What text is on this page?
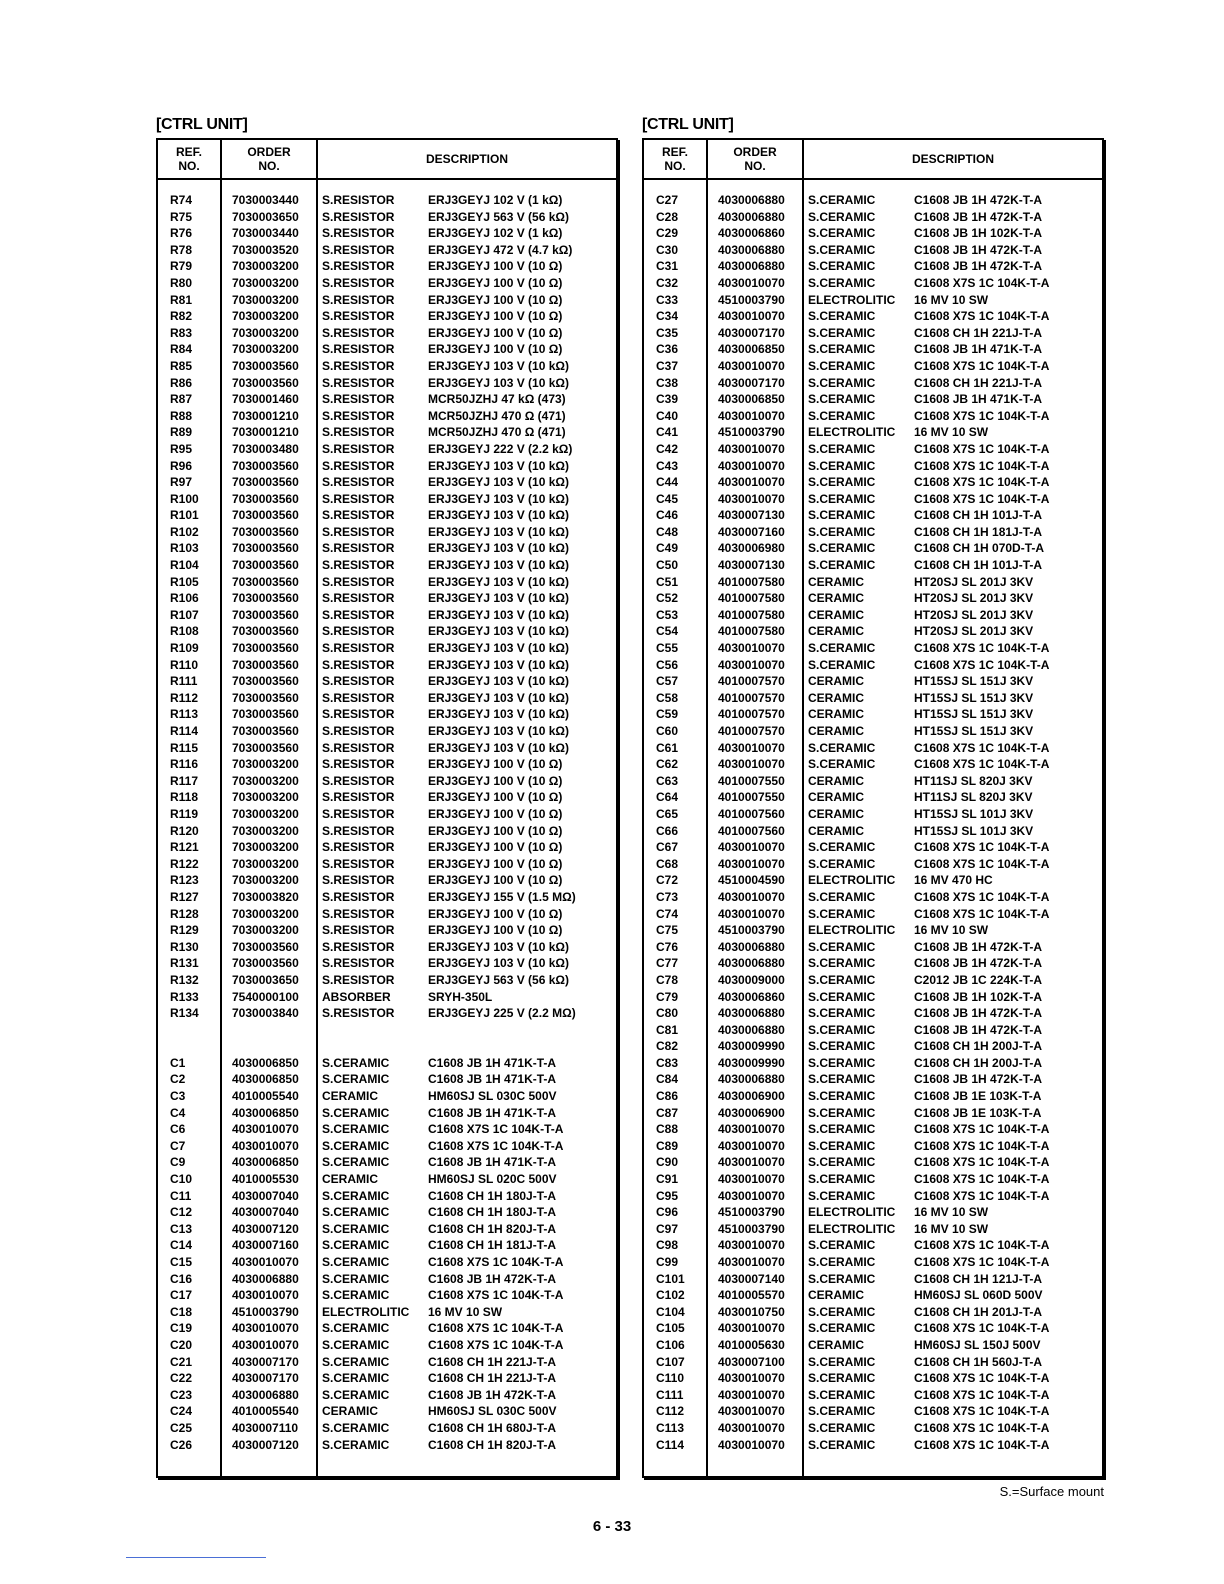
[CTRL UNIT]
REF.
NO.
ORDER
NO.	DESCRIPTION
R74	7030003440	S.RESISTOR	ERJ3GEYJ 102 V (1 kΩ)
R75	7030003650	S.RESISTOR	ERJ3GEYJ 563 V (56 kΩ)
R76	7030003440	S.RESISTOR	ERJ3GEYJ 102 V (1 kΩ)
R78	7030003520	S.RESISTOR	ERJ3GEYJ 472 V (4.7 kΩ)
R79	7030003200	S.RESISTOR	ERJ3GEYJ 100 V (10 Ω)
R80	7030003200	S.RESISTOR	ERJ3GEYJ 100 V (10 Ω)
R81	7030003200	S.RESISTOR	ERJ3GEYJ 100 V (10 Ω)
R82	7030003200	S.RESISTOR	ERJ3GEYJ 100 V (10 Ω)
R83	7030003200	S.RESISTOR	ERJ3GEYJ 100 V (10 Ω)
R84	7030003200	S.RESISTOR	ERJ3GEYJ 100 V (10 Ω)
R85	7030003560	S.RESISTOR	ERJ3GEYJ 103 V (10 kΩ)
R86	7030003560	S.RESISTOR	ERJ3GEYJ 103 V (10 kΩ)
R87	7030001460	S.RESISTOR	MCR50JZHJ 47 kΩ (473)
R88	7030001210	S.RESISTOR	MCR50JZHJ 470 Ω (471)
R89	7030001210	S.RESISTOR	MCR50JZHJ 470 Ω (471)
R95	7030003480	S.RESISTOR	ERJ3GEYJ 222 V (2.2 kΩ)
R96	7030003560	S.RESISTOR	ERJ3GEYJ 103 V (10 kΩ)
R97	7030003560	S.RESISTOR	ERJ3GEYJ 103 V (10 kΩ)
R100	7030003560	S.RESISTOR	ERJ3GEYJ 103 V (10 kΩ)
R101	7030003560	S.RESISTOR	ERJ3GEYJ 103 V (10 kΩ)
R102	7030003560	S.RESISTOR	ERJ3GEYJ 103 V (10 kΩ)
R103	7030003560	S.RESISTOR	ERJ3GEYJ 103 V (10 kΩ)
R104	7030003560	S.RESISTOR	ERJ3GEYJ 103 V (10 kΩ)
R105	7030003560	S.RESISTOR	ERJ3GEYJ 103 V (10 kΩ)
R106	7030003560	S.RESISTOR	ERJ3GEYJ 103 V (10 kΩ)
R107	7030003560	S.RESISTOR	ERJ3GEYJ 103 V (10 kΩ)
R108	7030003560	S.RESISTOR	ERJ3GEYJ 103 V (10 kΩ)
R109	7030003560	S.RESISTOR	ERJ3GEYJ 103 V (10 kΩ)
R110	7030003560	S.RESISTOR	ERJ3GEYJ 103 V (10 kΩ)
R111	7030003560	S.RESISTOR	ERJ3GEYJ 103 V (10 kΩ)
R112	7030003560	S.RESISTOR	ERJ3GEYJ 103 V (10 kΩ)
R113	7030003560	S.RESISTOR	ERJ3GEYJ 103 V (10 kΩ)
R114	7030003560	S.RESISTOR	ERJ3GEYJ 103 V (10 kΩ)
R115	7030003560	S.RESISTOR	ERJ3GEYJ 103 V (10 kΩ)
R116	7030003200	S.RESISTOR	ERJ3GEYJ 100 V (10 Ω)
R117	7030003200	S.RESISTOR	ERJ3GEYJ 100 V (10 Ω)
R118	7030003200	S.RESISTOR	ERJ3GEYJ 100 V (10 Ω)
R119	7030003200	S.RESISTOR	ERJ3GEYJ 100 V (10 Ω)
R120	7030003200	S.RESISTOR	ERJ3GEYJ 100 V (10 Ω)
R121	7030003200	S.RESISTOR	ERJ3GEYJ 100 V (10 Ω)
R122	7030003200	S.RESISTOR	ERJ3GEYJ 100 V (10 Ω)
R123	7030003200	S.RESISTOR	ERJ3GEYJ 100 V (10 Ω)
R127	7030003820	S.RESISTOR	ERJ3GEYJ 155 V (1.5 MΩ)
R128	7030003200	S.RESISTOR	ERJ3GEYJ 100 V (10 Ω)
R129	7030003200	S.RESISTOR	ERJ3GEYJ 100 V (10 Ω)
R130	7030003560	S.RESISTOR	ERJ3GEYJ 103 V (10 kΩ)
R131	7030003560	S.RESISTOR	ERJ3GEYJ 103 V (10 kΩ)
R132	7030003650	S.RESISTOR	ERJ3GEYJ 563 V (56 kΩ)
R133	7540000100	ABSORBER	SRYH-350L
R134	7030003840	S.RESISTOR	ERJ3GEYJ 225 V (2.2 MΩ)
C1	4030006850	S.CERAMIC	C1608 JB 1H 471K-T-A
C2	4030006850	S.CERAMIC	C1608 JB 1H 471K-T-A
C3	4010005540	CERAMIC	HM60SJ SL 030C 500V
C4	4030006850	S.CERAMIC	C1608 JB 1H 471K-T-A
C6	4030010070	S.CERAMIC	C1608 X7S 1C 104K-T-A
C7	4030010070	S.CERAMIC	C1608 X7S 1C 104K-T-A
C9	4030006850	S.CERAMIC	C1608 JB 1H 471K-T-A
C10	4010005530	CERAMIC	HM60SJ SL 020C 500V
C11	4030007040	S.CERAMIC	C1608 CH 1H 180J-T-A
C12	4030007040	S.CERAMIC	C1608 CH 1H 180J-T-A
C13	4030007120	S.CERAMIC	C1608 CH 1H 820J-T-A
C14	4030007160	S.CERAMIC	C1608 CH 1H 181J-T-A
C15	4030010070	S.CERAMIC	C1608 X7S 1C 104K-T-A
C16	4030006880	S.CERAMIC	C1608 JB 1H 472K-T-A
C17	4030010070	S.CERAMIC	C1608 X7S 1C 104K-T-A
C18	4510003790	ELECTROLITIC	16 MV 10 SW
C19	4030010070	S.CERAMIC	C1608 X7S 1C 104K-T-A
C20	4030010070	S.CERAMIC	C1608 X7S 1C 104K-T-A
C21	4030007170	S.CERAMIC	C1608 CH 1H 221J-T-A
C22	4030007170	S.CERAMIC	C1608 CH 1H 221J-T-A
C23	4030006880	S.CERAMIC	C1608 JB 1H 472K-T-A
C24	4010005540	CERAMIC	HM60SJ SL 030C 500V
C25	4030007110	S.CERAMIC	C1608 CH 1H 680J-T-A
C26	4030007120	S.CERAMIC	C1608 CH 1H 820J-T-A
[CTRL UNIT]
REF.
NO.
ORDER
NO.	DESCRIPTION
C27	4030006880	S.CERAMIC	C1608 JB 1H 472K-T-A
C28	4030006880	S.CERAMIC	C1608 JB 1H 472K-T-A
C29	4030006860	S.CERAMIC	C1608 JB 1H 102K-T-A
C30	4030006880	S.CERAMIC	C1608 JB 1H 472K-T-A
C31	4030006880	S.CERAMIC	C1608 JB 1H 472K-T-A
C32	4030010070	S.CERAMIC	C1608 X7S 1C 104K-T-A
C33	4510003790	ELECTROLITIC	16 MV 10 SW
C34	4030010070	S.CERAMIC	C1608 X7S 1C 104K-T-A
C35	4030007170	S.CERAMIC	C1608 CH 1H 221J-T-A
C36	4030006850	S.CERAMIC	C1608 JB 1H 471K-T-A
C37	4030010070	S.CERAMIC	C1608 X7S 1C 104K-T-A
C38	4030007170	S.CERAMIC	C1608 CH 1H 221J-T-A
C39	4030006850	S.CERAMIC	C1608 JB 1H 471K-T-A
C40	4030010070	S.CERAMIC	C1608 X7S 1C 104K-T-A
C41	4510003790	ELECTROLITIC	16 MV 10 SW
C42	4030010070	S.CERAMIC	C1608 X7S 1C 104K-T-A
C43	4030010070	S.CERAMIC	C1608 X7S 1C 104K-T-A
C44	4030010070	S.CERAMIC	C1608 X7S 1C 104K-T-A
C45	4030010070	S.CERAMIC	C1608 X7S 1C 104K-T-A
C46	4030007130	S.CERAMIC	C1608 CH 1H 101J-T-A
C48	4030007160	S.CERAMIC	C1608 CH 1H 181J-T-A
C49	4030006980	S.CERAMIC	C1608 CH 1H 070D-T-A
C50	4030007130	S.CERAMIC	C1608 CH 1H 101J-T-A
C51	4010007580	CERAMIC	HT20SJ SL 201J 3KV
C52	4010007580	CERAMIC	HT20SJ SL 201J 3KV
C53	4010007580	CERAMIC	HT20SJ SL 201J 3KV
C54	4010007580	CERAMIC	HT20SJ SL 201J 3KV
C55	4030010070	S.CERAMIC	C1608 X7S 1C 104K-T-A
C56	4030010070	S.CERAMIC	C1608 X7S 1C 104K-T-A
C57	4010007570	CERAMIC	HT15SJ SL 151J 3KV
C58	4010007570	CERAMIC	HT15SJ SL 151J 3KV
C59	4010007570	CERAMIC	HT15SJ SL 151J 3KV
C60	4010007570	CERAMIC	HT15SJ SL 151J 3KV
C61	4030010070	S.CERAMIC	C1608 X7S 1C 104K-T-A
C62	4030010070	S.CERAMIC	C1608 X7S 1C 104K-T-A
C63	4010007550	CERAMIC	HT11SJ SL 820J 3KV
C64	4010007550	CERAMIC	HT11SJ SL 820J 3KV
C65	4010007560	CERAMIC	HT15SJ SL 101J 3KV
C66	4010007560	CERAMIC	HT15SJ SL 101J 3KV
C67	4030010070	S.CERAMIC	C1608 X7S 1C 104K-T-A
C68	4030010070	S.CERAMIC	C1608 X7S 1C 104K-T-A
C72	4510004590	ELECTROLITIC	16 MV 470 HC
C73	4030010070	S.CERAMIC	C1608 X7S 1C 104K-T-A
C74	4030010070	S.CERAMIC	C1608 X7S 1C 104K-T-A
C75	4510003790	ELECTROLITIC	16 MV 10 SW
C76	4030006880	S.CERAMIC	C1608 JB 1H 472K-T-A
C77	4030006880	S.CERAMIC	C1608 JB 1H 472K-T-A
C78	4030009000	S.CERAMIC	C2012 JB 1C 224K-T-A
C79	4030006860	S.CERAMIC	C1608 JB 1H 102K-T-A
C80	4030006880	S.CERAMIC	C1608 JB 1H 472K-T-A
C81	4030006880	S.CERAMIC	C1608 JB 1H 472K-T-A
C82	4030009990	S.CERAMIC	C1608 CH 1H 200J-T-A
C83	4030009990	S.CERAMIC	C1608 CH 1H 200J-T-A
C84	4030006880	S.CERAMIC	C1608 JB 1H 472K-T-A
C86	4030006900	S.CERAMIC	C1608 JB 1E 103K-T-A
C87	4030006900	S.CERAMIC	C1608 JB 1E 103K-T-A
C88	4030010070	S.CERAMIC	C1608 X7S 1C 104K-T-A
C89	4030010070	S.CERAMIC	C1608 X7S 1C 104K-T-A
C90	4030010070	S.CERAMIC	C1608 X7S 1C 104K-T-A
C91	4030010070	S.CERAMIC	C1608 X7S 1C 104K-T-A
C95	4030010070	S.CERAMIC	C1608 X7S 1C 104K-T-A
C96	4510003790	ELECTROLITIC	16 MV 10 SW
C97	4510003790	ELECTROLITIC	16 MV 10 SW
C98	4030010070	S.CERAMIC	C1608 X7S 1C 104K-T-A
C99	4030010070	S.CERAMIC	C1608 X7S 1C 104K-T-A
C101	4030007140	S.CERAMIC	C1608 CH 1H 121J-T-A
C102	4010005570	CERAMIC	HM60SJ SL 060D 500V
C104	4030010750	S.CERAMIC	C1608 CH 1H 201J-T-A
C105	4030010070	S.CERAMIC	C1608 X7S 1C 104K-T-A
C106	4010005630	CERAMIC	HM60SJ SL 150J 500V
C107	4030007100	S.CERAMIC	C1608 CH 1H 560J-T-A
C110	4030010070	S.CERAMIC	C1608 X7S 1C 104K-T-A
C111	4030010070	S.CERAMIC	C1608 X7S 1C 104K-T-A
C112	4030010070	S.CERAMIC	C1608 X7S 1C 104K-T-A
C113	4030010070	S.CERAMIC	C1608 X7S 1C 104K-T-A
C114	4030010070	S.CERAMIC	C1608 X7S 1C 104K-T-A
S.=Surface mount
6 - 33
